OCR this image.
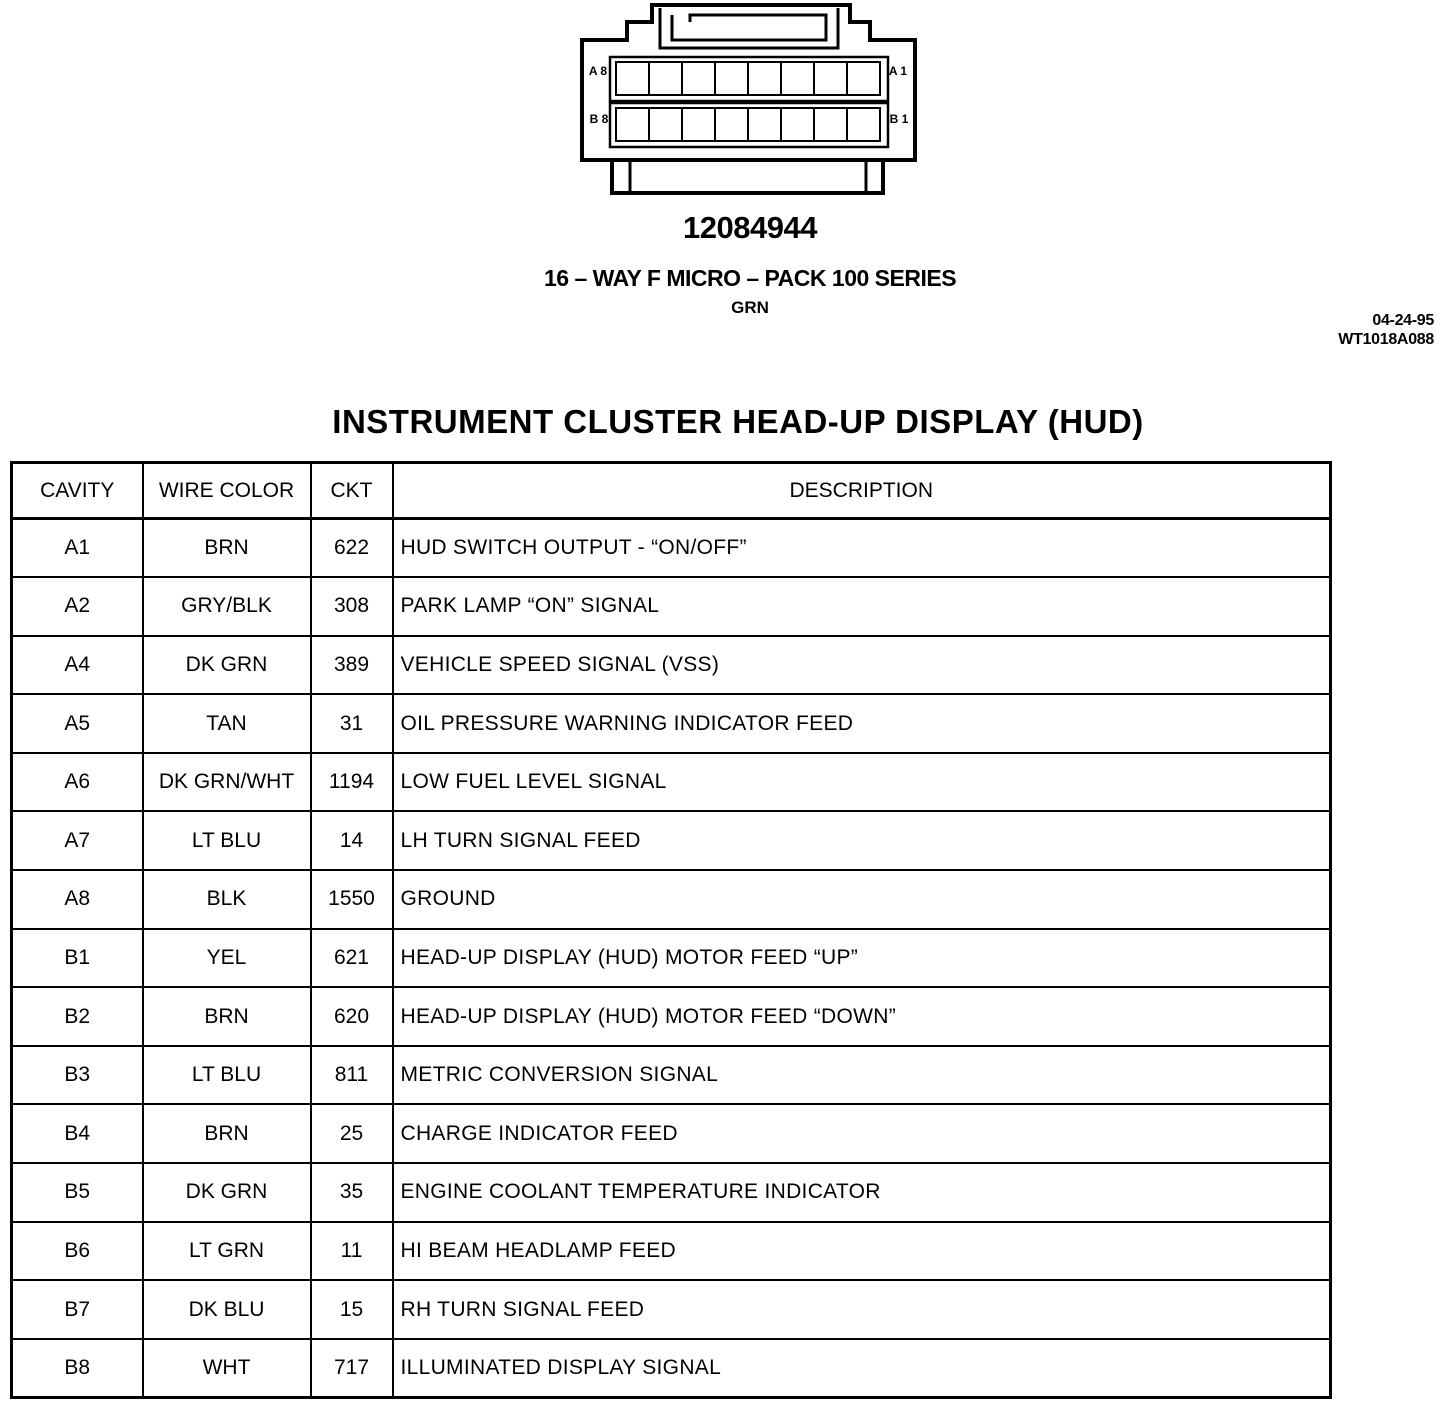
A 8	A 1
B 8	B 1
12084944
16 – WAY F MICRO – PACK 100 SERIES
GRN
04-24-95
WT1018A088
INSTRUMENT CLUSTER HEAD-UP DISPLAY (HUD)
CAVITY	WIRE COLOR	CKT	DESCRIPTION
A1	BRN	622	HUD SWITCH OUTPUT - “ON/OFF”
A2	GRY/BLK	308	PARK LAMP “ON” SIGNAL
A4	DK GRN	389	VEHICLE SPEED SIGNAL (VSS)
A5	TAN	31	OIL PRESSURE WARNING INDICATOR FEED
A6	DK GRN/WHT	1194	LOW FUEL LEVEL SIGNAL
A7	LT BLU	14	LH TURN SIGNAL FEED
A8	BLK	1550	GROUND
B1	YEL	621	HEAD-UP DISPLAY (HUD) MOTOR FEED “UP”
B2	BRN	620	HEAD-UP DISPLAY (HUD) MOTOR FEED “DOWN”
B3	LT BLU	811	METRIC CONVERSION SIGNAL
B4	BRN	25	CHARGE INDICATOR FEED
B5	DK GRN	35	ENGINE COOLANT TEMPERATURE INDICATOR
B6	LT GRN	11	HI BEAM HEADLAMP FEED
B7	DK BLU	15	RH TURN SIGNAL FEED
B8	WHT	717	ILLUMINATED DISPLAY SIGNAL
